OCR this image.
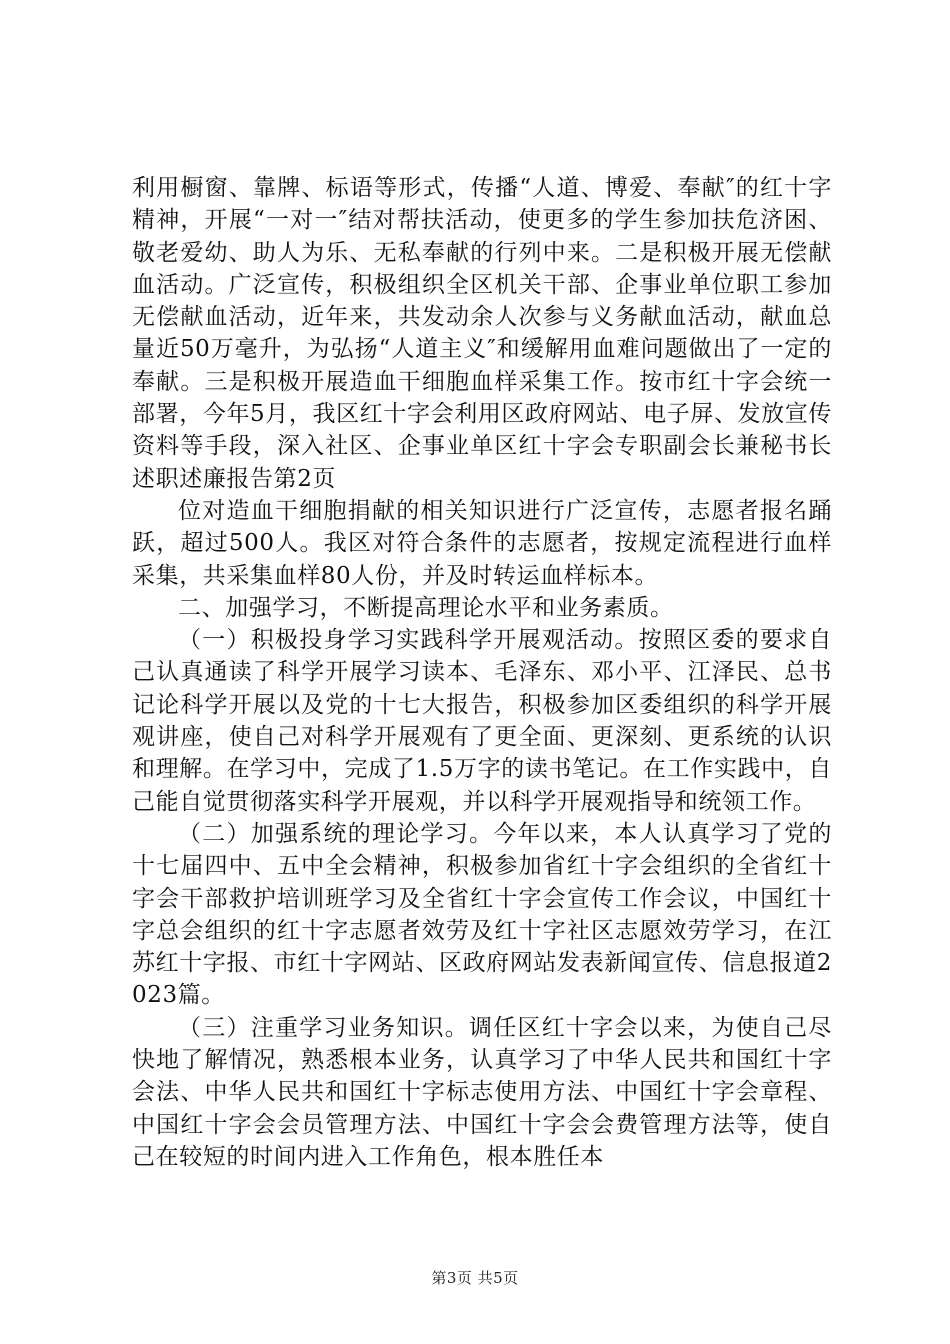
利用橱窗、靠牌、标语等形式，传播“人道、博爱、奉献″的红十字精神，开展“一对一″结对帮扶活动，使更多的学生参加扶危济困、敬老爱幼、助人为乐、无私奉献的行列中来。二是积极开展无偿献血活动。广泛宣传，积极组织全区机关干部、企事业单位职工参加无偿献血活动，近年来，共发动余人次参与义务献血活动，献血总量近50万毫升，为弘扬“人道主义″和缓解用血难问题做出了一定的奉献。三是积极开展造血干细胞血样采集工作。按市红十字会统一部署，今年5月，我区红十字会利用区政府网站、电子屏、发放宣传资料等手段，深入社区、企事业单区红十字会专职副会长兼秘书长述职述廉报告第2页

位对造血干细胞捐献的相关知识进行广泛宣传，志愿者报名踊跃，超过500人。我区对符合条件的志愿者，按规定流程进行血样采集，共采集血样80人份，并及时转运血样标本。

二、加强学习，不断提高理论水平和业务素质。

（一）积极投身学习实践科学开展观活动。按照区委的要求自己认真通读了科学开展学习读本、毛泽东、邓小平、江泽民、总书记论科学开展以及党的十七大报告，积极参加区委组织的科学开展观讲座，使自己对科学开展观有了更全面、更深刻、更系统的认识和理解。在学习中，完成了1.5万字的读书笔记。在工作实践中，自己能自觉贯彻落实科学开展观，并以科学开展观指导和统领工作。

（二）加强系统的理论学习。今年以来，本人认真学习了党的十七届四中、五中全会精神，积极参加省红十字会组织的全省红十字会干部救护培训班学习及全省红十字会宣传工作会议，中国红十字总会组织的红十字志愿者效劳及红十字社区志愿效劳学习，在江苏红十字报、市红十字网站、区政府网站发表新闻宣传、信息报道2023篇。

（三）注重学习业务知识。调任区红十字会以来，为使自己尽快地了解情况，熟悉根本业务，认真学习了中华人民共和国红十字会法、中华人民共和国红十字标志使用方法、中国红十字会章程、中国红十字会会员管理方法、中国红十字会会费管理方法等，使自己在较短的时间内进入工作角色，根本胜任本

第3页 共5页
